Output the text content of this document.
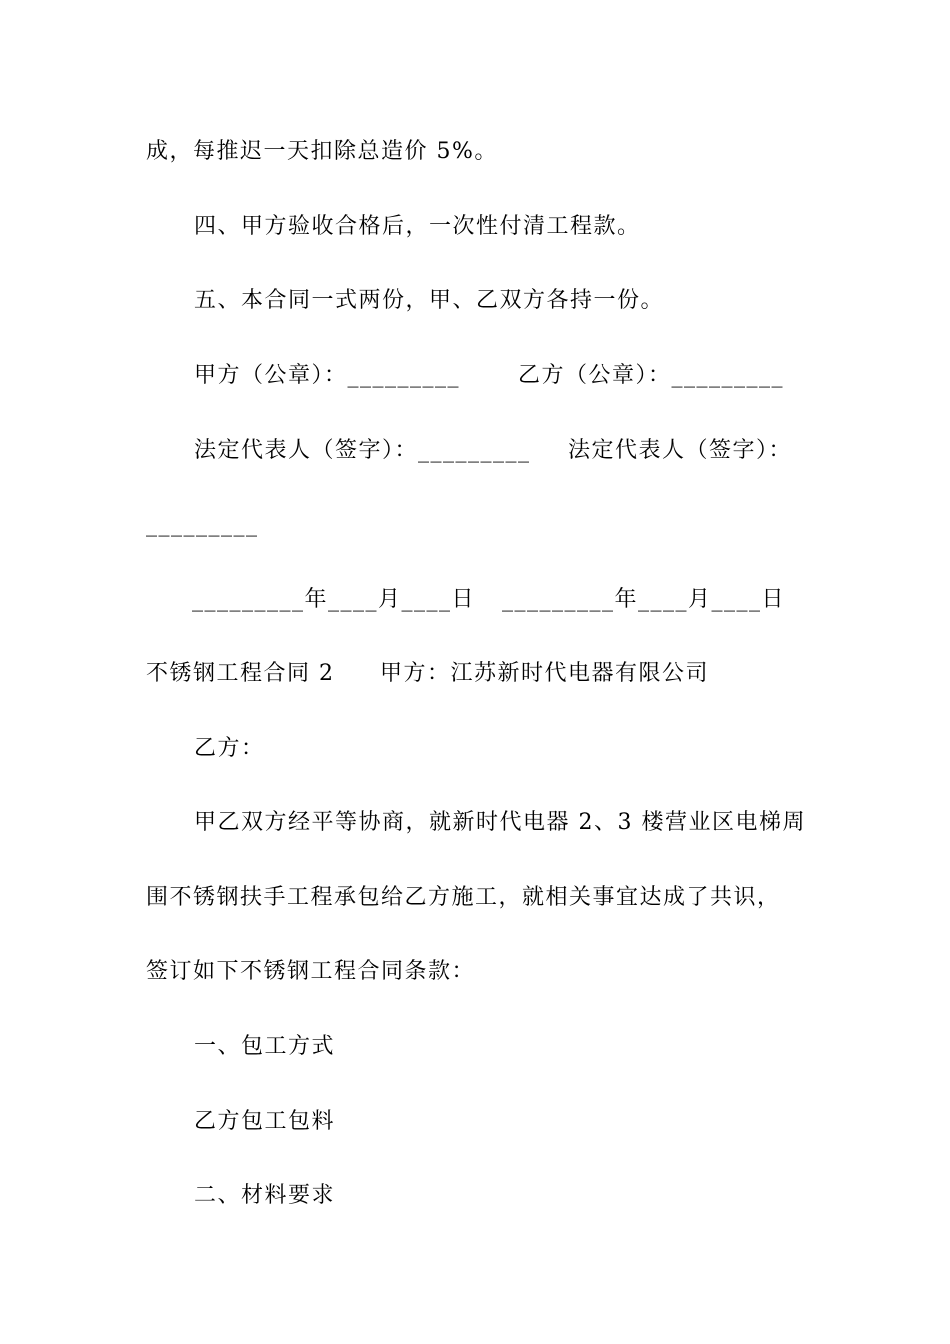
成，每推迟一天扣除总造价 5%。
四、甲方验收合格后，一次性付清工程款。
五、本合同一式两份，甲、乙双方各持一份。
甲方（公章）：_________	乙方（公章）：_________
法定代表人（签字）：_________ 法定代表人（签字）：
_________
_________年____月____日 _________年____月____日
不锈钢工程合同 2 甲方：江苏新时代电器有限公司
乙方：
甲乙双方经平等协商，就新时代电器 2、3 楼营业区电梯周
围不锈钢扶手工程承包给乙方施工，就相关事宜达成了共识，
签订如下不锈钢工程合同条款：
一、包工方式
乙方包工包料
二、材料要求
